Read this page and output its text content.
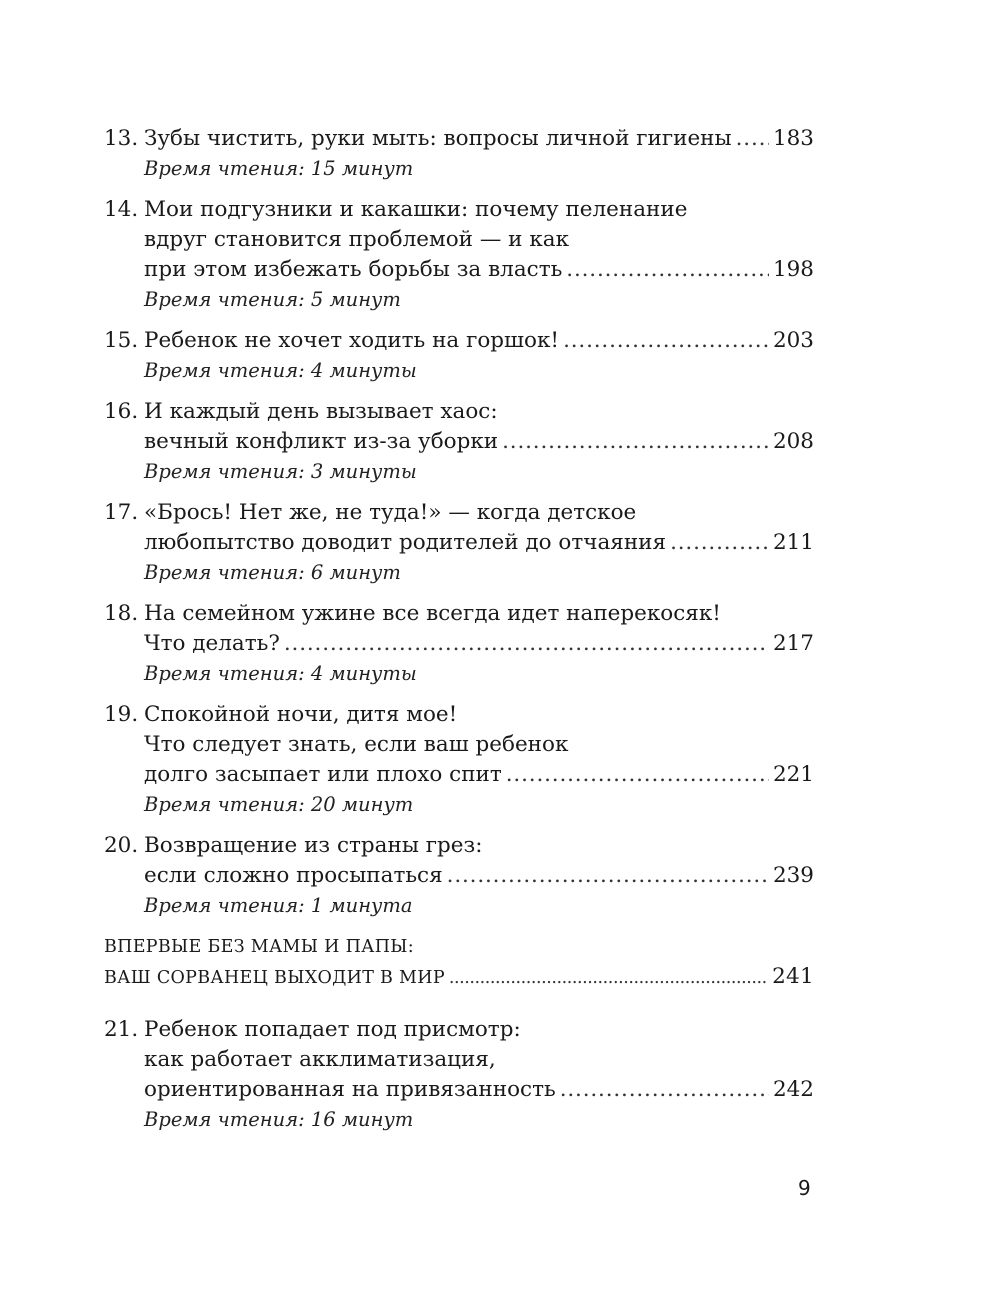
13. Зубы чистить, руки мыть: вопросы личной гигиены . . . 183
Время чтения: 15 минут
14. Мои подгузники и какашки: почему пеленание
вдруг становится проблемой — и как
при этом избежать борьбы за власть . . .	198
Время чтения: 5 минут
15. Ребенок не хочет ходить на горшок! . . .	203
Время чтения: 4 минуты
16. И каждый день вызывает хаос:
вечный конфликт из-за уборки . . .	208
Время чтения: 3 минуты
17. «Брось! Нет же, не туда!» — когда детское
любопытство доводит родителей до отчаяния . . .	211
Время чтения: 6 минут
18. На семейном ужине все всегда идет наперекосяк!
Что делать? . . .	217
Время чтения: 4 минуты
19. Спокойной ночи, дитя мое!
Что следует знать, если ваш ребенок
долго засыпает или плохо спит . . .	221
Время чтения: 20 минут
20. Возвращение из страны грез:
если сложно просыпаться . . .	239
Время чтения: 1 минута
ВПЕРВЫЕ БЕЗ МАМЫ И ПАПЫ:
ВАШ СОРВАНЕЦ ВЫХОДИТ В МИР . . .	241
21. Ребенок попадает под присмотр:
как работает акклиматизация,
ориентированная на привязанность . . .	242
Время чтения: 16 минут
9
